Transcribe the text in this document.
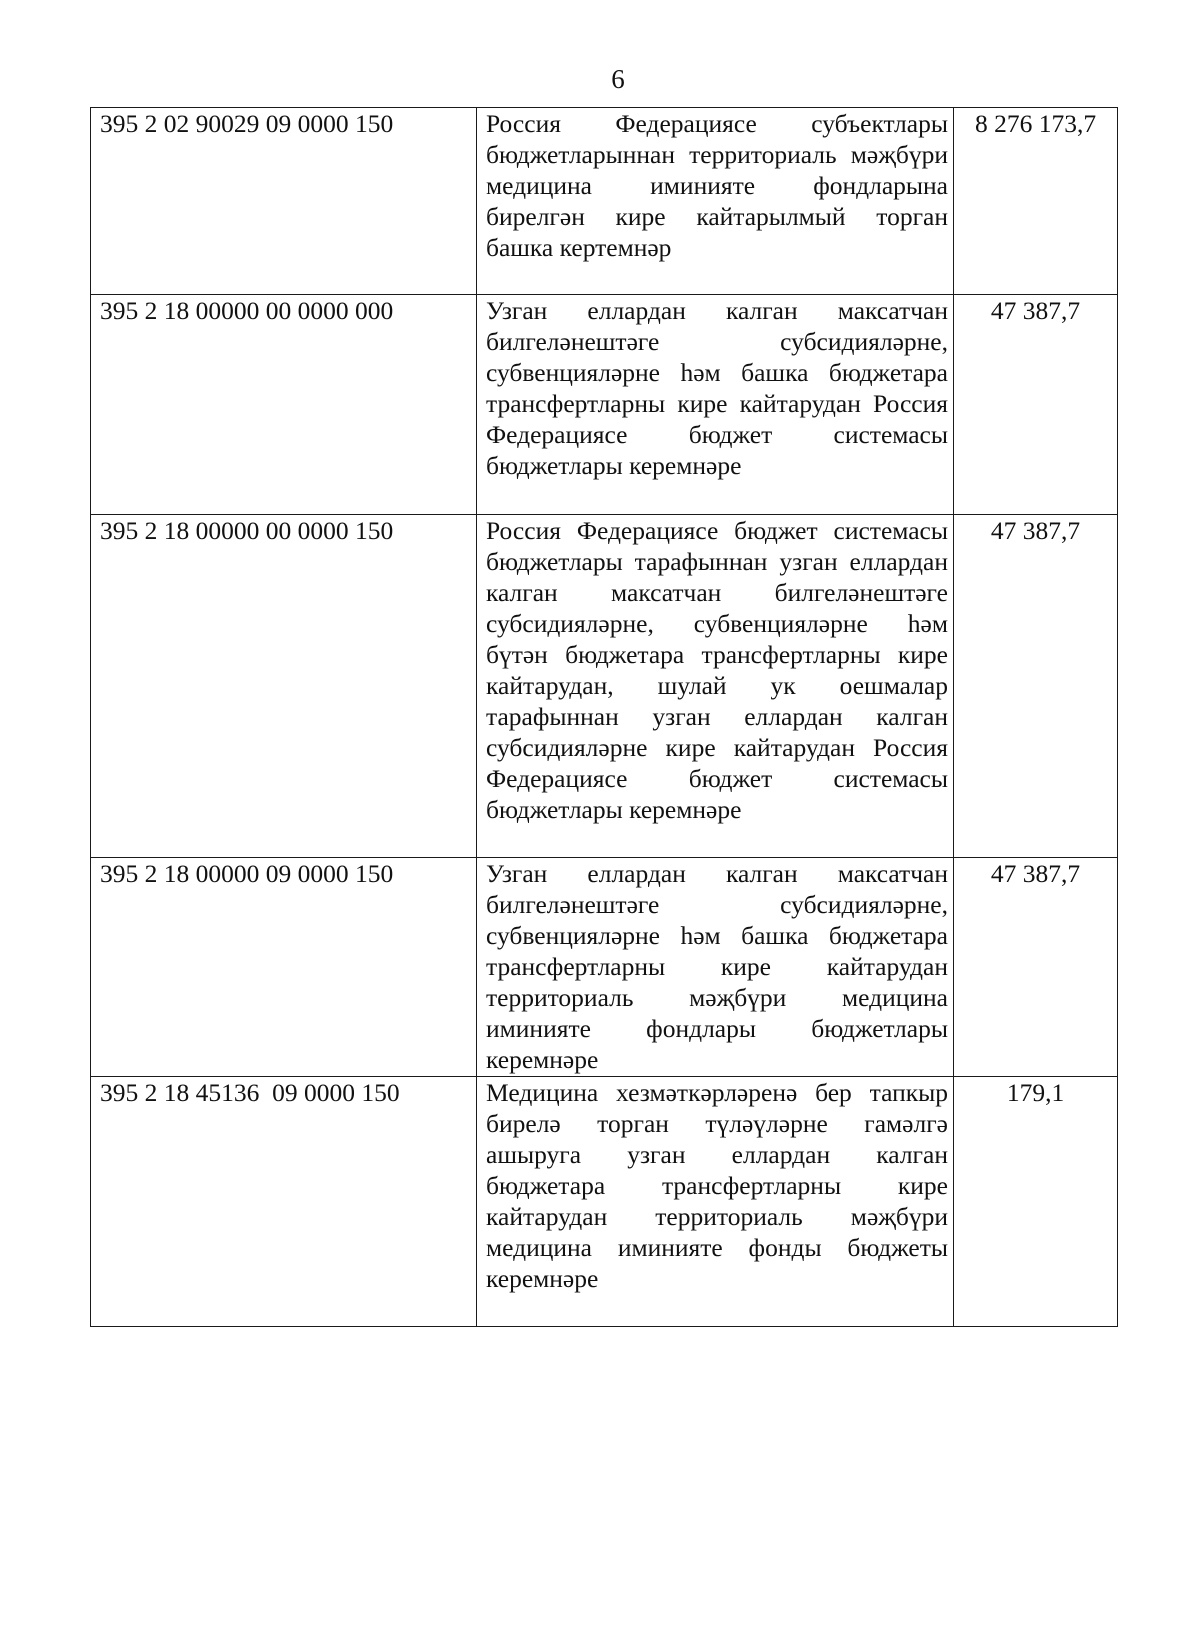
6
395 2 02 90029 09 0000 150	Россия Федерациясе субъектлары бюджетларыннан территориаль мәҗбүри медицина иминияте фондларына бирелгән кире кайтарылмый торган башка кертемнәр	8 276 173,7
395 2 18 00000 00 0000 000	Узган еллардан калган максатчан билгеләнештәге субсидияләрне, субвенцияләрне һәм башка бюджетара трансфертларны кире кайтарудан Россия Федерациясе бюджет системасы бюджетлары керемнәре	47 387,7
395 2 18 00000 00 0000 150	Россия Федерациясе бюджет системасы бюджетлары тарафыннан узган еллардан калган максатчан билгеләнештәге субсидияләрне, субвенцияләрне һәм бүтән бюджетара трансфертларны кире кайтарудан, шулай ук оешмалар тарафыннан узган еллардан калган субсидияләрне кире кайтарудан Россия Федерациясе бюджет системасы бюджетлары керемнәре	47 387,7
395 2 18 00000 09 0000 150	Узган еллардан калган максатчан билгеләнештәге субсидияләрне, субвенцияләрне һәм башка бюджетара трансфертларны кире кайтарудан территориаль мәҗбүри медицина иминияте фондлары бюджетлары керемнәре	47 387,7
395 2 18 45136  09 0000 150	Медицина хезмәткәрләренә бер тапкыр бирелә торган түләүләрне гамәлгә ашыруга узган еллардан калган бюджетара трансфертларны кире кайтарудан территориаль мәҗбүри медицина иминияте фонды бюджеты керемнәре	179,1
